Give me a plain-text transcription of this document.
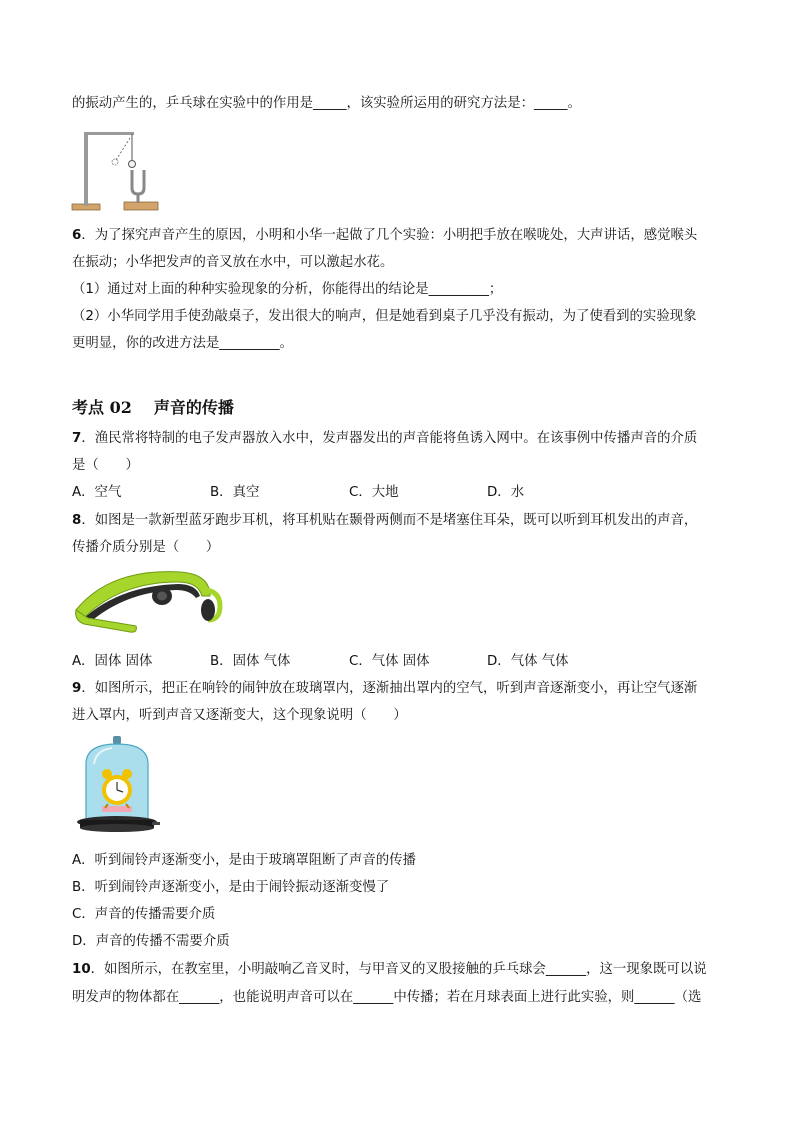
的振动产生的，乒乓球在实验中的作用是_____，该实验所运用的研究方法是：_____。
6．为了探究声音产生的原因，小明和小华一起做了几个实验：小明把手放在喉咙处，大声讲话，感觉喉头
在振动；小华把发声的音叉放在水中，可以激起水花。
（1）通过对上面的种种实验现象的分析，你能得出的结论是_________；
（2）小华同学用手使劲敲桌子，发出很大的响声，但是她看到桌子几乎没有振动，为了使看到的实验现象
更明显，你的改进方法是_________。
考点 02 声音的传播
7．渔民常将特制的电子发声器放入水中，发声器发出的声音能将鱼诱入网中。在该事例中传播声音的介质
是（　　）
A．空气	B．真空	C．大地	D．水
8．如图是一款新型蓝牙跑步耳机，将耳机贴在颞骨两侧而不是堵塞住耳朵，既可以听到耳机发出的声音，
传播介质分别是（　　）
A．固体 固体	B．固体 气体	C．气体 固体	D．气体 气体
9．如图所示，把正在响铃的闹钟放在玻璃罩内，逐渐抽出罩内的空气，听到声音逐渐变小，再让空气逐渐
进入罩内，听到声音又逐渐变大，这个现象说明（　　）
A．听到闹铃声逐渐变小，是由于玻璃罩阻断了声音的传播
B．听到闹铃声逐渐变小，是由于闹铃振动逐渐变慢了
C．声音的传播需要介质
D．声音的传播不需要介质
10．如图所示，在教室里，小明敲响乙音叉时，与甲音叉的叉股接触的乒乓球会______，这一现象既可以说
明发声的物体都在______，也能说明声音可以在______中传播；若在月球表面上进行此实验，则______（选
